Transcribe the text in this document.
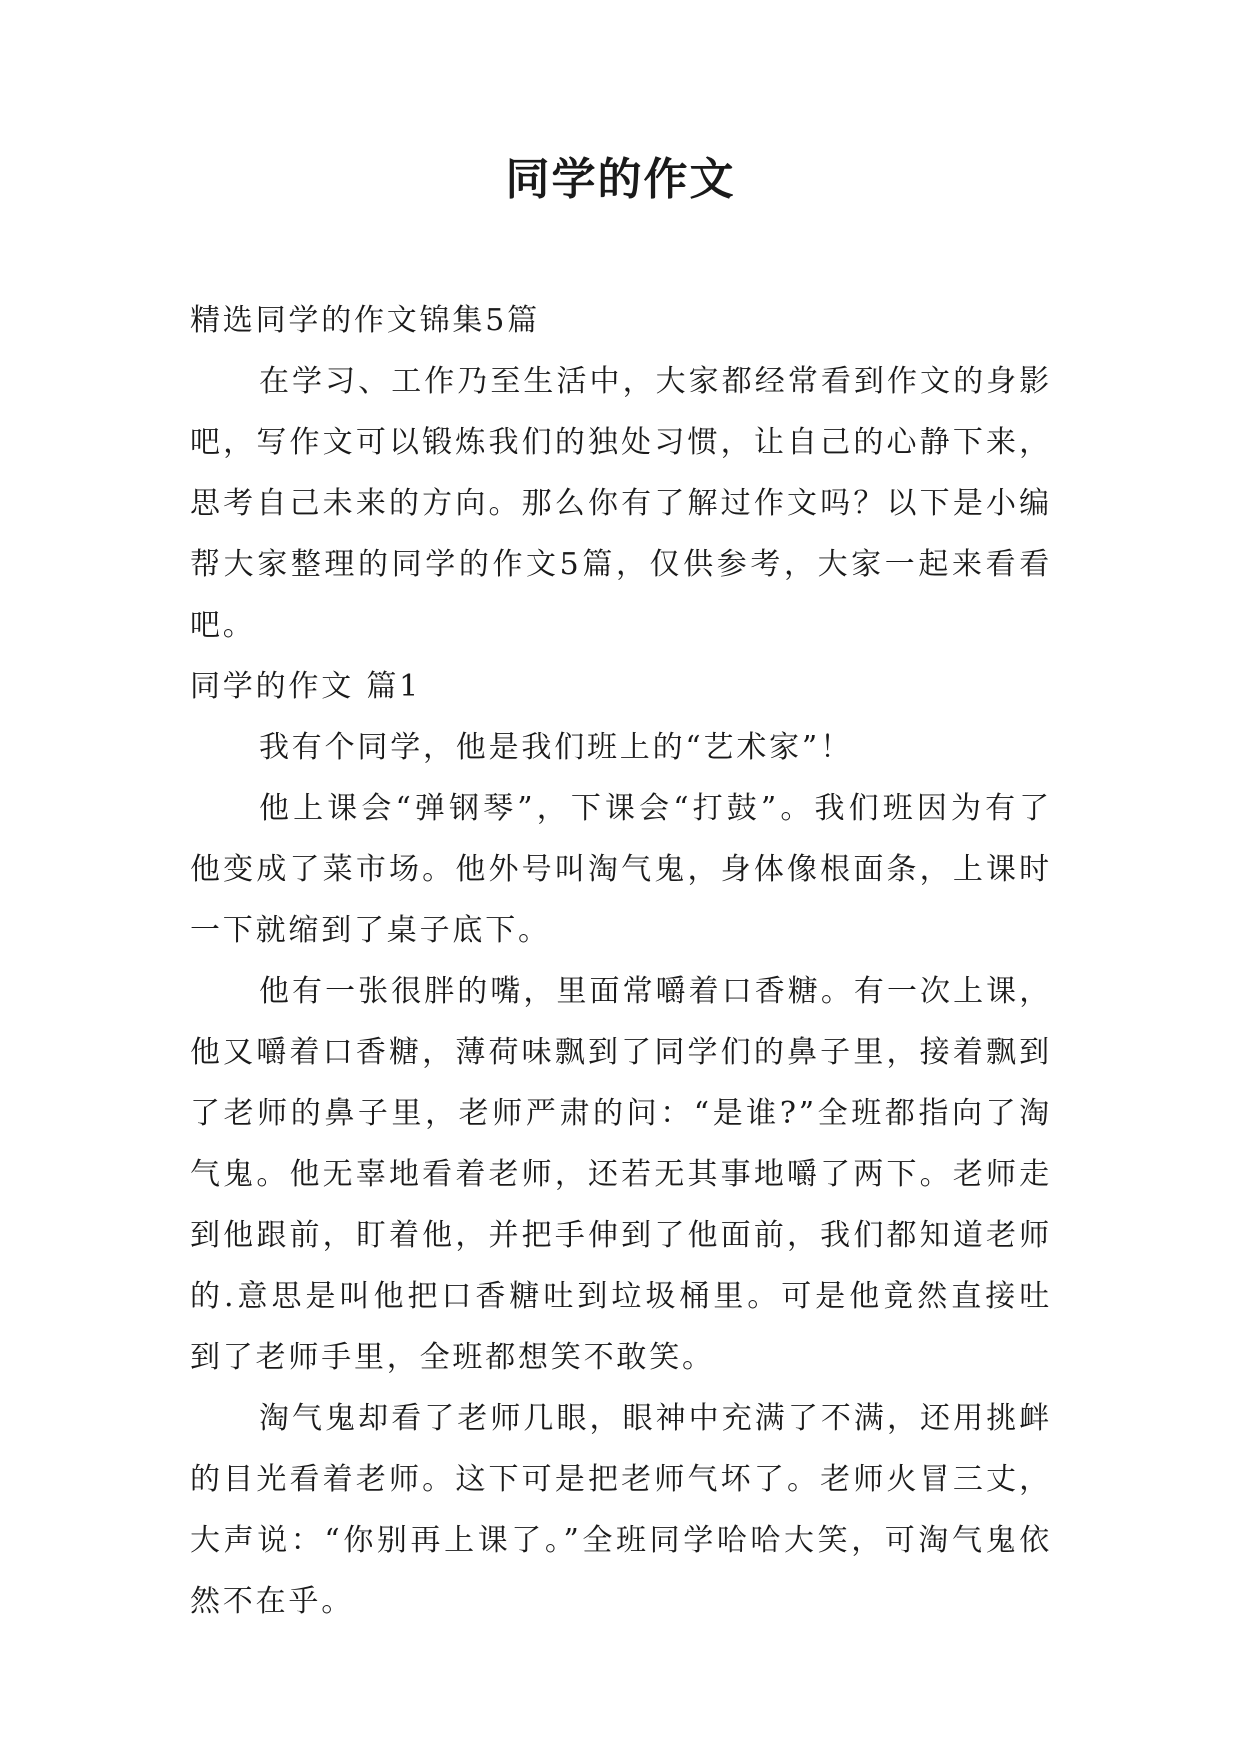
同学的作文

精选同学的作文锦集5篇

在学习、工作乃至生活中，大家都经常看到作文的身影吧，写作文可以锻炼我们的独处习惯，让自己的心静下来，思考自己未来的方向。那么你有了解过作文吗？以下是小编帮大家整理的同学的作文5篇，仅供参考，大家一起来看看吧。

同学的作文 篇1

我有个同学，他是我们班上的“艺术家”！

他上课会“弹钢琴”，下课会“打鼓”。我们班因为有了他变成了菜市场。他外号叫淘气鬼，身体像根面条，上课时一下就缩到了桌子底下。

他有一张很胖的嘴，里面常嚼着口香糖。有一次上课，他又嚼着口香糖，薄荷味飘到了同学们的鼻子里，接着飘到了老师的鼻子里，老师严肃的问：“是谁?”全班都指向了淘气鬼。他无辜地看着老师，还若无其事地嚼了两下。老师走到他跟前，盯着他，并把手伸到了他面前，我们都知道老师的.意思是叫他把口香糖吐到垃圾桶里。可是他竟然直接吐到了老师手里，全班都想笑不敢笑。

淘气鬼却看了老师几眼，眼神中充满了不满，还用挑衅的目光看着老师。这下可是把老师气坏了。老师火冒三丈，大声说：“你别再上课了。”全班同学哈哈大笑，可淘气鬼依然不在乎。
